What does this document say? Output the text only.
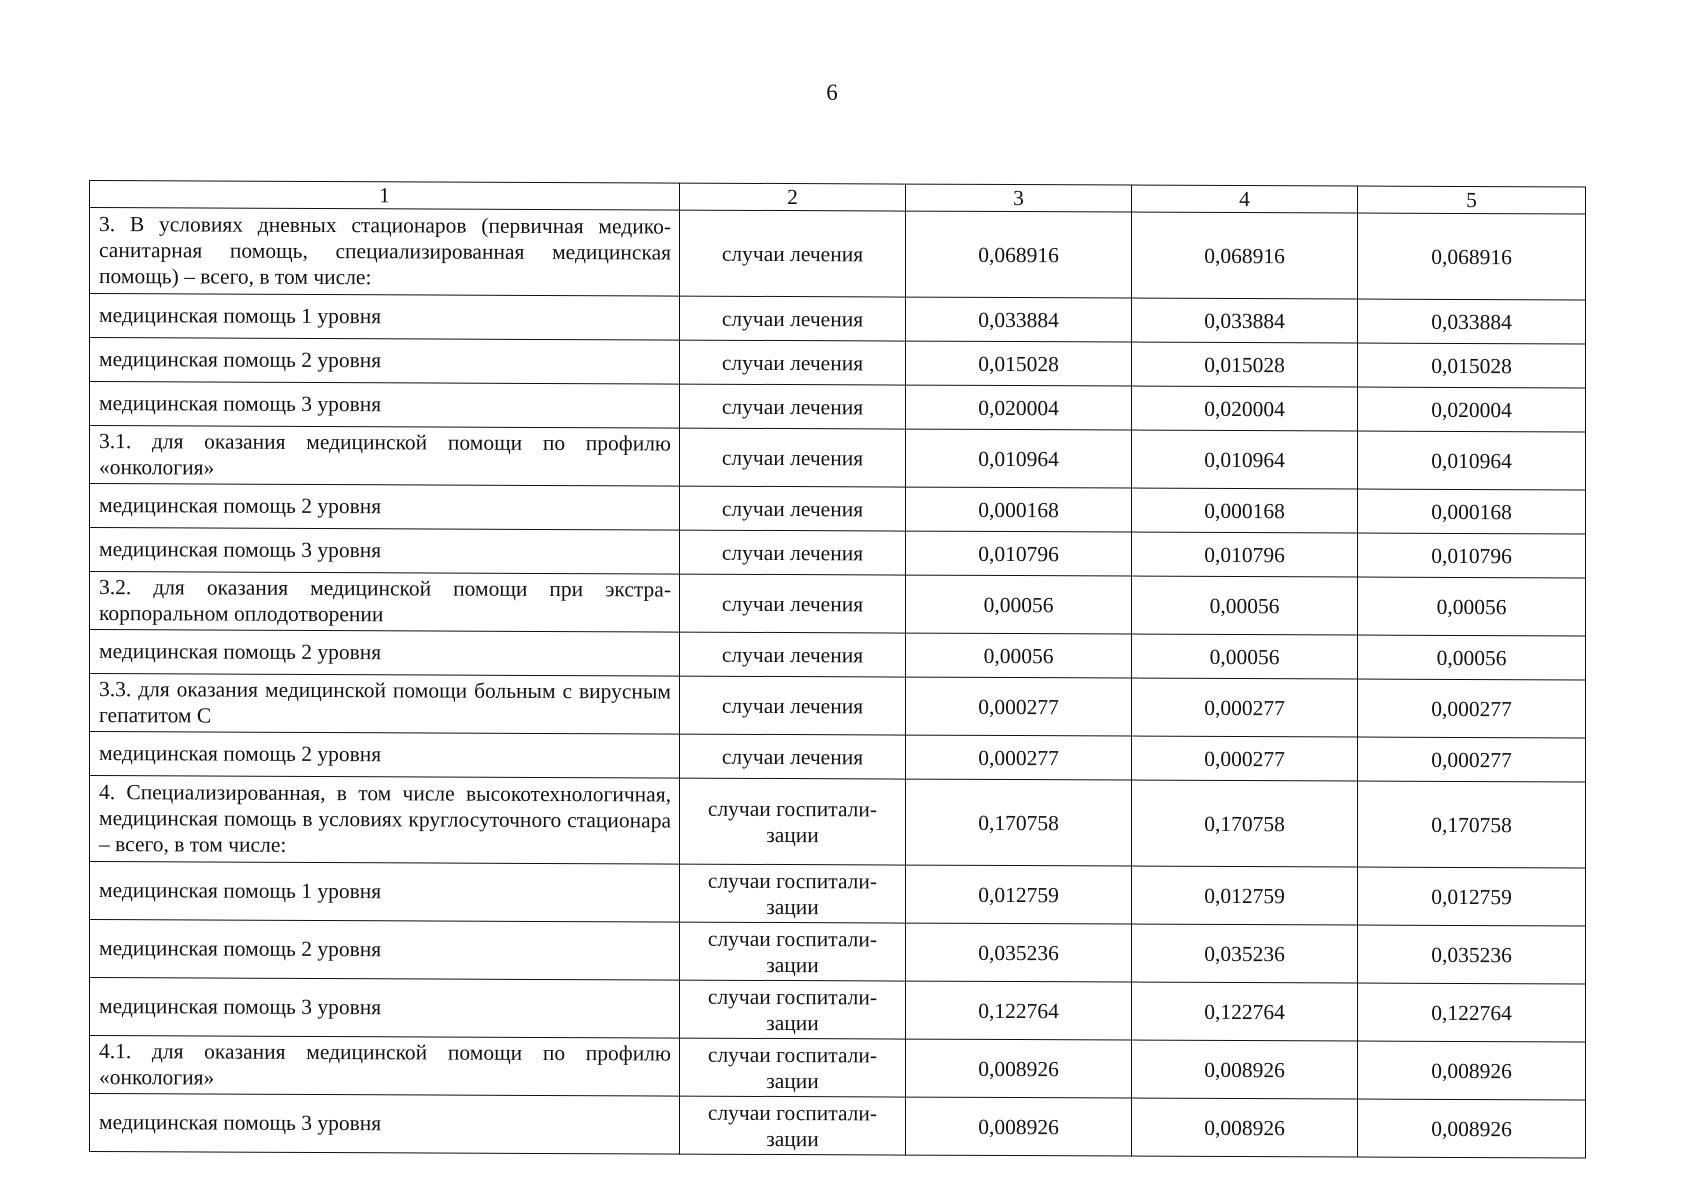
6
1	2	3	4	5
3. В условиях дневных стационаров (первичная медико-санитарная помощь, специализированная медицинская помощь) – всего, в том числе:	случаи лечения	0,068916	0,068916	0,068916
медицинская помощь 1 уровня	случаи лечения	0,033884	0,033884	0,033884
медицинская помощь 2 уровня	случаи лечения	0,015028	0,015028	0,015028
медицинская помощь 3 уровня	случаи лечения	0,020004	0,020004	0,020004
3.1. для оказания медицинской помощи по профилю «онкология»	случаи лечения	0,010964	0,010964	0,010964
медицинская помощь 2 уровня	случаи лечения	0,000168	0,000168	0,000168
медицинская помощь 3 уровня	случаи лечения	0,010796	0,010796	0,010796
3.2. для оказания медицинской помощи при экстракорпоральном оплодотворении	случаи лечения	0,00056	0,00056	0,00056
медицинская помощь 2 уровня	случаи лечения	0,00056	0,00056	0,00056
3.3. для оказания медицинской помощи больным с вирусным гепатитом С	случаи лечения	0,000277	0,000277	0,000277
медицинская помощь 2 уровня	случаи лечения	0,000277	0,000277	0,000277
4. Специализированная, в том числе высокотехнологичная, медицинская помощь в условиях круглосуточного стационара – всего, в том числе:	случаи госпитализации	0,170758	0,170758	0,170758
медицинская помощь 1 уровня	случаи госпитализации	0,012759	0,012759	0,012759
медицинская помощь 2 уровня	случаи госпитализации	0,035236	0,035236	0,035236
медицинская помощь 3 уровня	случаи госпитализации	0,122764	0,122764	0,122764
4.1. для оказания медицинской помощи по профилю «онкология»	случаи госпитализации	0,008926	0,008926	0,008926
медицинская помощь 3 уровня	случаи госпитализации	0,008926	0,008926	0,008926
